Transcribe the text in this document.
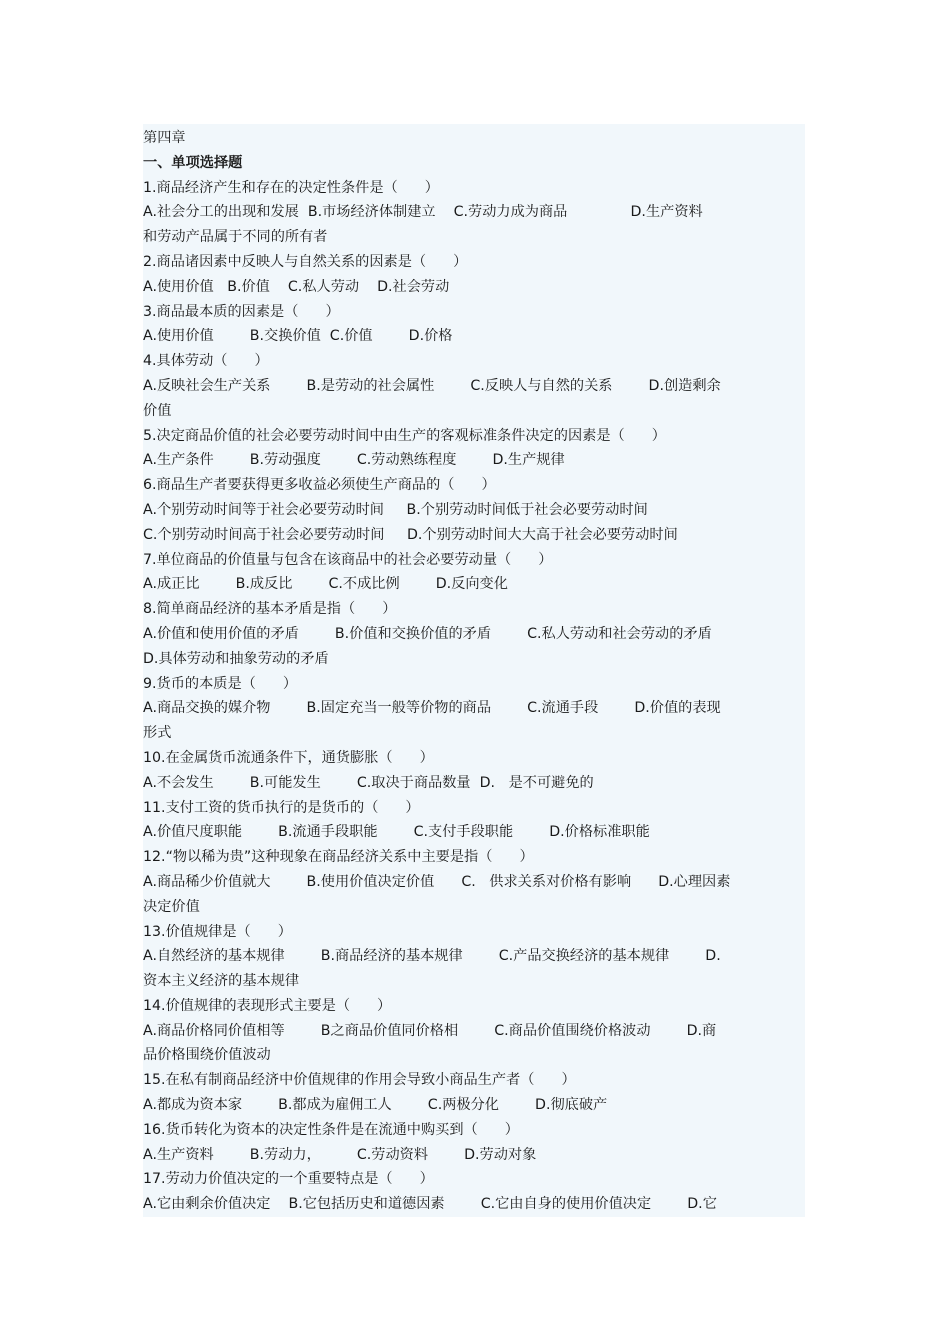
第四章
一、单项选择题
1.商品经济产生和存在的决定性条件是（      ）
A.社会分工的出现和发展  B.市场经济体制建立    C.劳动力成为商品              D.生产资料
和劳动产品属于不同的所有者
2.商品诸因素中反映人与自然关系的因素是（      ）
A.使用价值   B.价值    C.私人劳动    D.社会劳动
3.商品最本质的因素是（      ）
A.使用价值        B.交换价值  C.价值        D.价格
4.具体劳动（      ）
A.反映社会生产关系        B.是劳动的社会属性        C.反映人与自然的关系        D.创造剩余
价值
5.决定商品价值的社会必要劳动时间中由生产的客观标准条件决定的因素是（      ）
A.生产条件        B.劳动强度        C.劳动熟练程度        D.生产规律
6.商品生产者要获得更多收益必须使生产商品的（      ）
A.个别劳动时间等于社会必要劳动时间     B.个别劳动时间低于社会必要劳动时间
C.个别劳动时间高于社会必要劳动时间     D.个别劳动时间大大高于社会必要劳动时间
7.单位商品的价值量与包含在该商品中的社会必要劳动量（      ）
A.成正比        B.成反比        C.不成比例        D.反向变化
8.简单商品经济的基本矛盾是指（      ）
A.价值和使用价值的矛盾        B.价值和交换价值的矛盾        C.私人劳动和社会劳动的矛盾
D.具体劳动和抽象劳动的矛盾
9.货币的本质是（      ）
A.商品交换的媒介物        B.固定充当一般等价物的商品        C.流通手段        D.价值的表现
形式
10.在金属货币流通条件下，通货膨胀（      ）
A.不会发生        B.可能发生        C.取决于商品数量  D.   是不可避免的
11.支付工资的货币执行的是货币的（      ）
A.价值尺度职能        B.流通手段职能        C.支付手段职能        D.价格标准职能
12.“物以稀为贵”这种现象在商品经济关系中主要是指（      ）
A.商品稀少价值就大        B.使用价值决定价值      C.   供求关系对价格有影响      D.心理因素
决定价值
13.价值规律是（      ）
A.自然经济的基本规律        B.商品经济的基本规律        C.产品交换经济的基本规律        D.
资本主义经济的基本规律
14.价值规律的表现形式主要是（      ）
A.商品价格同价值相等        B之商品价值同价格相        C.商品价值围绕价格波动        D.商
品价格围绕价值波动
15.在私有制商品经济中价值规律的作用会导致小商品生产者（      ）
A.都成为资本家        B.都成为雇佣工人        C.两极分化        D.彻底破产
16.货币转化为资本的决定性条件是在流通中购买到（      ）
A.生产资料        B.劳动力，        C.劳动资料        D.劳动对象
17.劳动力价值决定的一个重要特点是（      ）
A.它由剩余价值决定    B.它包括历史和道德因素        C.它由自身的使用价值决定        D.它
